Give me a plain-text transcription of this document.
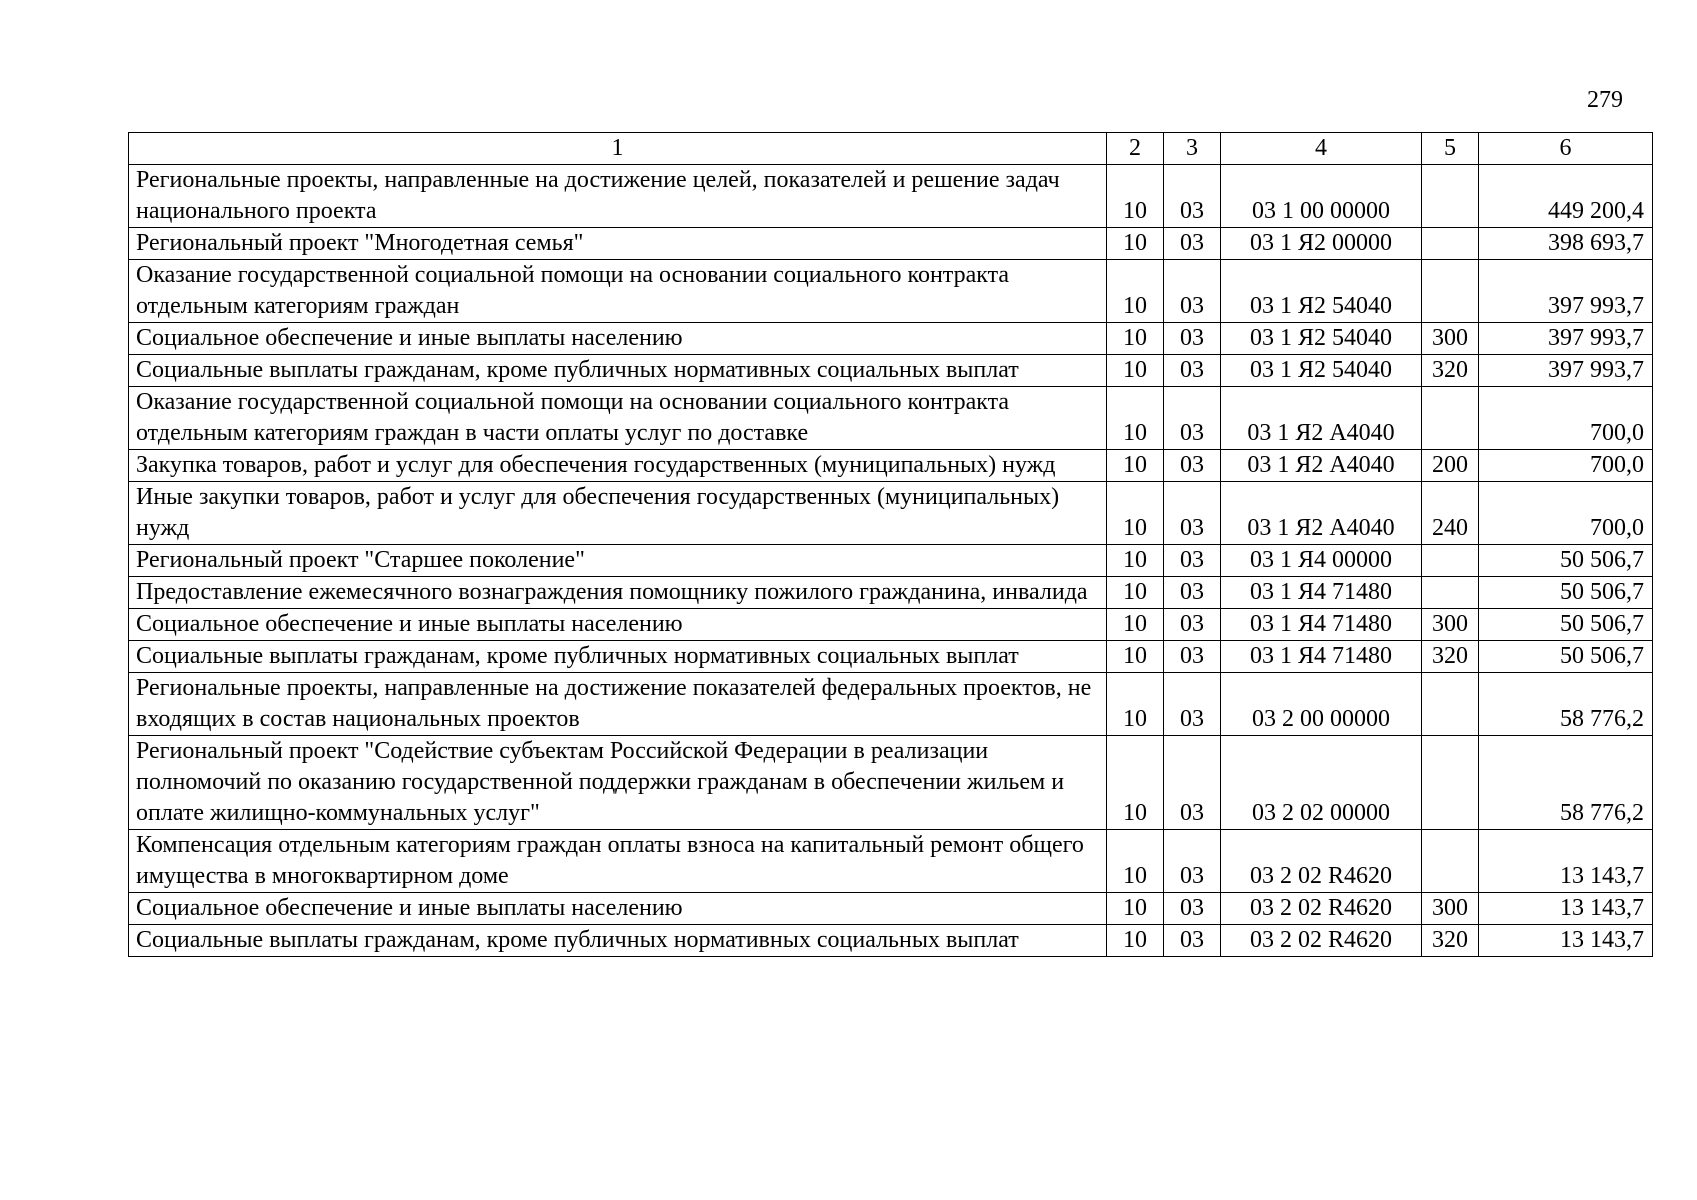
279
1	2	3	4	5	6
Региональные проекты, направленные на достижение целей, показателей и решение задач национального проекта	10	03	03 1 00 00000		449 200,4
Региональный проект "Многодетная семья"	10	03	03 1 Я2 00000		398 693,7
Оказание государственной социальной помощи на основании социального контракта отдельным категориям граждан	10	03	03 1 Я2 54040		397 993,7
Социальное обеспечение и иные выплаты населению	10	03	03 1 Я2 54040	300	397 993,7
Социальные выплаты гражданам, кроме публичных нормативных социальных выплат	10	03	03 1 Я2 54040	320	397 993,7
Оказание государственной социальной помощи на основании социального контракта отдельным категориям граждан в части оплаты услуг по доставке	10	03	03 1 Я2 А4040		700,0
Закупка товаров, работ и услуг для обеспечения государственных (муниципальных) нужд	10	03	03 1 Я2 А4040	200	700,0
Иные закупки товаров, работ и услуг для обеспечения государственных (муниципальных) нужд	10	03	03 1 Я2 А4040	240	700,0
Региональный проект "Старшее поколение"	10	03	03 1 Я4 00000		50 506,7
Предоставление ежемесячного вознаграждения помощнику пожилого гражданина, инвалида	10	03	03 1 Я4 71480		50 506,7
Социальное обеспечение и иные выплаты населению	10	03	03 1 Я4 71480	300	50 506,7
Социальные выплаты гражданам, кроме публичных нормативных социальных выплат	10	03	03 1 Я4 71480	320	50 506,7
Региональные проекты, направленные на достижение показателей федеральных проектов, не входящих в состав национальных проектов	10	03	03 2 00 00000		58 776,2
Региональный проект "Содействие субъектам Российской Федерации в реализации полномочий по оказанию государственной поддержки гражданам в обеспечении жильем и оплате жилищно-коммунальных услуг"	10	03	03 2 02 00000		58 776,2
Компенсация отдельным категориям граждан оплаты взноса на капитальный ремонт общего имущества в многоквартирном доме	10	03	03 2 02 R4620		13 143,7
Социальное обеспечение и иные выплаты населению	10	03	03 2 02 R4620	300	13 143,7
Социальные выплаты гражданам, кроме публичных нормативных социальных выплат	10	03	03 2 02 R4620	320	13 143,7
